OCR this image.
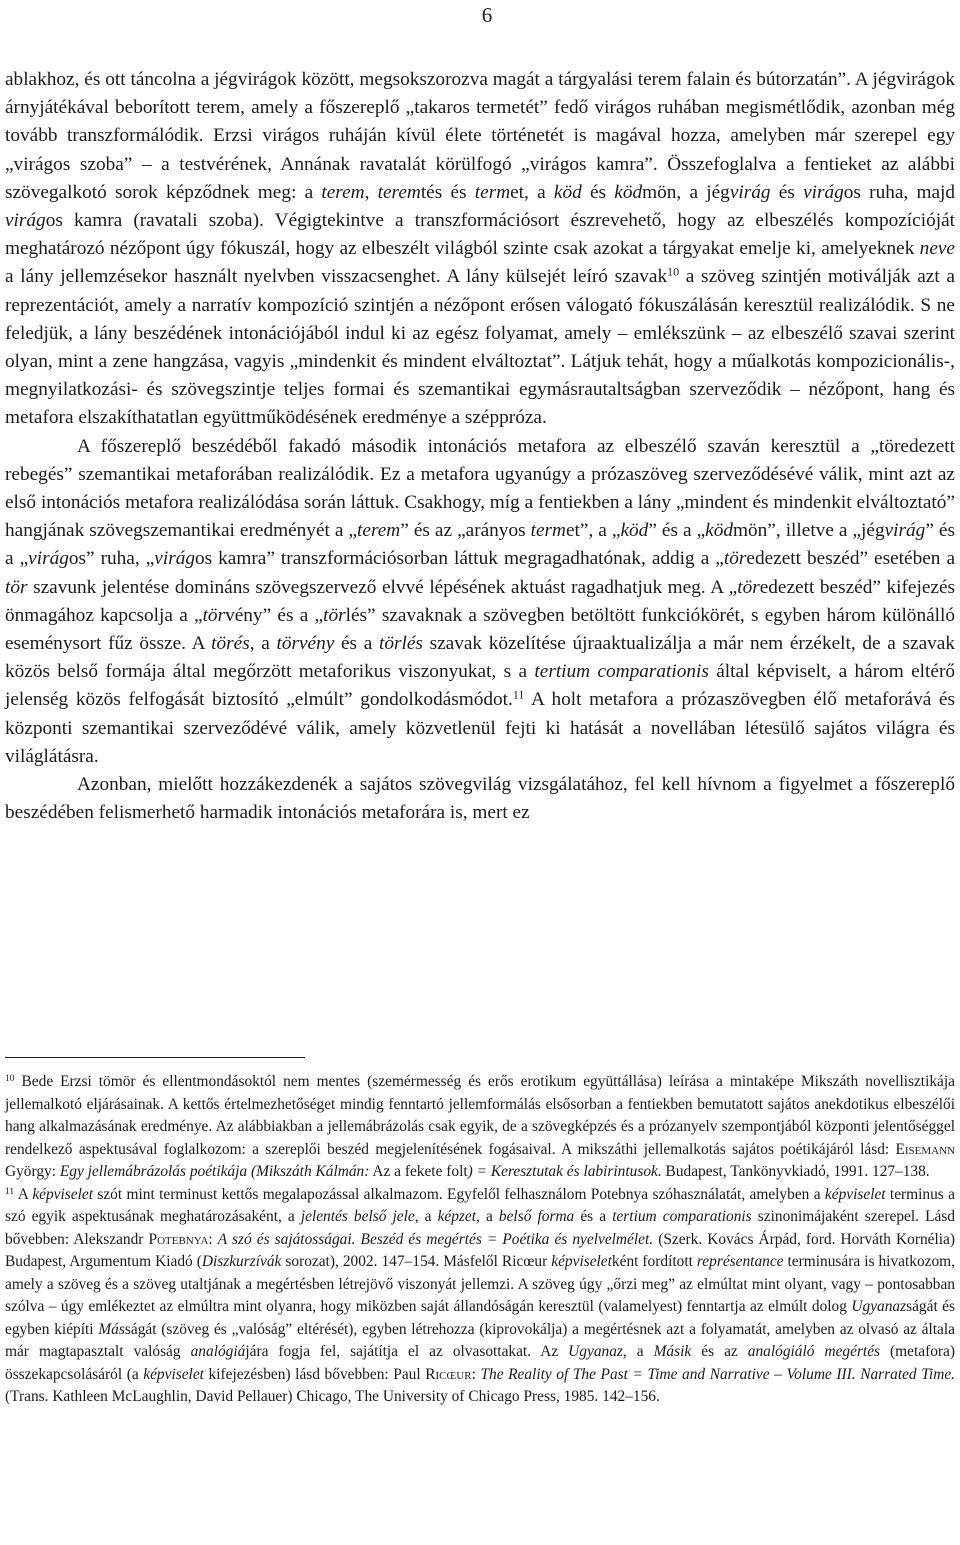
6

ablakhoz, és ott táncolna a jégvirágok között, megsokszorozva magát a tárgyalási terem falain és bútorzatán”. A jégvirágok árnyjátékával beborított terem, amely a főszereplő „takaros termetét” fedő virágos ruhában megismétlődik, azonban még tovább transzformálódik. Erzsi virágos ruháján kívül élete történetét is magával hozza, amelyben már szerepel egy „virágos szoba” – a testvérének, Annának ravatalát körülfogó „virágos kamra”. Összefoglalva a fentieket az alábbi szövegalkotó sorok képződnek meg: a terem, teremtés és termet, a köd és ködmön, a jégvirág és virágos ruha, majd virágos kamra (ravatali szoba). Végigtekintve a transzformációsort észrevehető, hogy az elbeszélés kompozícióját meghatározó nézőpont úgy fókuszál, hogy az elbeszélt világból szinte csak azokat a tárgyakat emelje ki, amelyeknek neve a lány jellemzésekor használt nyelvben visszacsenghet. A lány külsejét leíró szavak$^{10}$ a szöveg szintjén motiválják azt a reprezentációt, amely a narratív kompozíció szintjén a nézőpont erősen válogató fókuszálásán keresztül realizálódik. S ne feledjük, a lány beszédének intonációjából indul ki az egész folyamat, amely – emlékszünk – az elbeszélő szavai szerint olyan, mint a zene hangzása, vagyis „mindenkit és mindent elváltoztat”. Látjuk tehát, hogy a műalkotás kompozicionális-, megnyilatkozási- és szövegszintje teljes formai és szemantikai egymásrautaltságban szerveződik – nézőpont, hang és metafora elszakíthatatlan együttműködésének eredménye a széppróza.

A főszereplő beszédéből fakadó második intonációs metafora az elbeszélő szaván keresztül a „töredezett rebegés” szemantikai metaforában realizálódik. Ez a metafora ugyanúgy a prózaszöveg szerveződésévé válik, mint azt az első intonációs metafora realizálódása során láttuk. Csakhogy, míg a fentiekben a lány „mindent és mindenkit elváltoztató” hangjának szövegszemantikai eredményét a „terem” és az „arányos termet”, a „köd” és a „ködmön”, illetve a „jégvirág” és a „virágos” ruha, „virágos kamra” transzformációsorban láttuk megragadhatónak, addig a „töredezett beszéd” esetében a tör szavunk jelentése domináns szövegszervező elvvé lépésének aktuást ragadhatjuk meg. A „töredezett beszéd” kifejezés önmagához kapcsolja a „törvény” és a „törlés” szavaknak a szövegben betöltött funkciókörét, s egyben három különálló eseménysort fűz össze. A törés, a törvény és a törlés szavak közelítése újraaktualizálja a már nem érzékelt, de a szavak közös belső formája által megőrzött metaforikus viszonyukat, s a tertium comparationis által képviselt, a három eltérő jelenség közös felfogását biztosító „elmúlt” gondolkodásmódot.$^{11}$ A holt metafora a prózaszövegben élő metaforává és központi szemantikai szerveződévé válik, amely közvetlenül fejti ki hatását a novellában létesülő sajátos világra és világlátásra.

Azonban, mielőtt hozzákezdenék a sajátos szövegvilág vizsgálatához, fel kell hívnom a figyelmet a főszereplő beszédében felismerhető harmadik intonációs metaforára is, mert ez

$^{10}$ Bede Erzsi tömör és ellentmondásoktól nem mentes (szemérmesség és erős erotikum együttállása) leírása a mintaképe Mikszáth novellisztikája jellemalkotó eljárásainak. A kettős értelmezhetőséget mindig fenntartó jellemformálás elsősorban a fentiekben bemutatott sajátos anekdotikus elbeszélői hang alkalmazásának eredménye. Az alábbiakban a jellemábrázolás csak egyik, de a szövegképzés és a prózanyelv szempontjából központi jelentőséggel rendelkező aspektusával foglalkozom: a szereplői beszéd megjelenítésének fogásaival. A mikszáthi jellemalkotás sajátos poétikájáról lásd: Eisemann György: Egy jellemábrázolás poétikája (Mikszáth Kálmán: Az a fekete folt) = Keresztutak és labirintusok. Budapest, Tankönyvkiadó, 1991. 127–138.

$^{11}$ A képviselet szót mint terminust kettős megalapozással alkalmazom. Egyfelől felhasználom Potebnya szóhasználatát, amelyben a képviselet terminus a szó egyik aspektusának meghatározásaként, a jelentés belső jele, a képzet, a belső forma és a tertium comparationis szinonimájaként szerepel. Lásd bővebben: Alekszandr Potebnya: A szó és sajátosságai. Beszéd és megértés = Poétika és nyelvelmélet. (Szerk. Kovács Árpád, ford. Horváth Kornélia) Budapest, Argumentum Kiadó (Diszkurzívák sorozat), 2002. 147–154. Másfelől Ricœur képviseletként fordított représentance terminusára is hivatkozom, amely a szöveg és a szöveg utaltjának a megértésben létrejövő viszonyát jellemzi. A szöveg úgy „őrzi meg” az elmúltat mint olyant, vagy – pontosabban szólva – úgy emlékeztet az elmúltra mint olyanra, hogy miközben saját állandóságán keresztül (valamelyest) fenntartja az elmúlt dolog Ugyanazságát és egyben kiépíti Másságát (szöveg és „valóság” eltérését), egyben létrehozza (kiprovokálja) a megértésnek azt a folyamatát, amelyben az olvasó az általa már magtapasztalt valóság analógiájára fogja fel, sajátítja el az olvasottakat. Az Ugyanaz, a Másik és az analógiáló megértés (metafora) összekapcsolásáról (a képviselet kifejezésben) lásd bővebben: Paul Ricœur: The Reality of The Past = Time and Narrative – Volume III. Narrated Time. (Trans. Kathleen McLaughlin, David Pellauer) Chicago, The University of Chicago Press, 1985. 142–156.
